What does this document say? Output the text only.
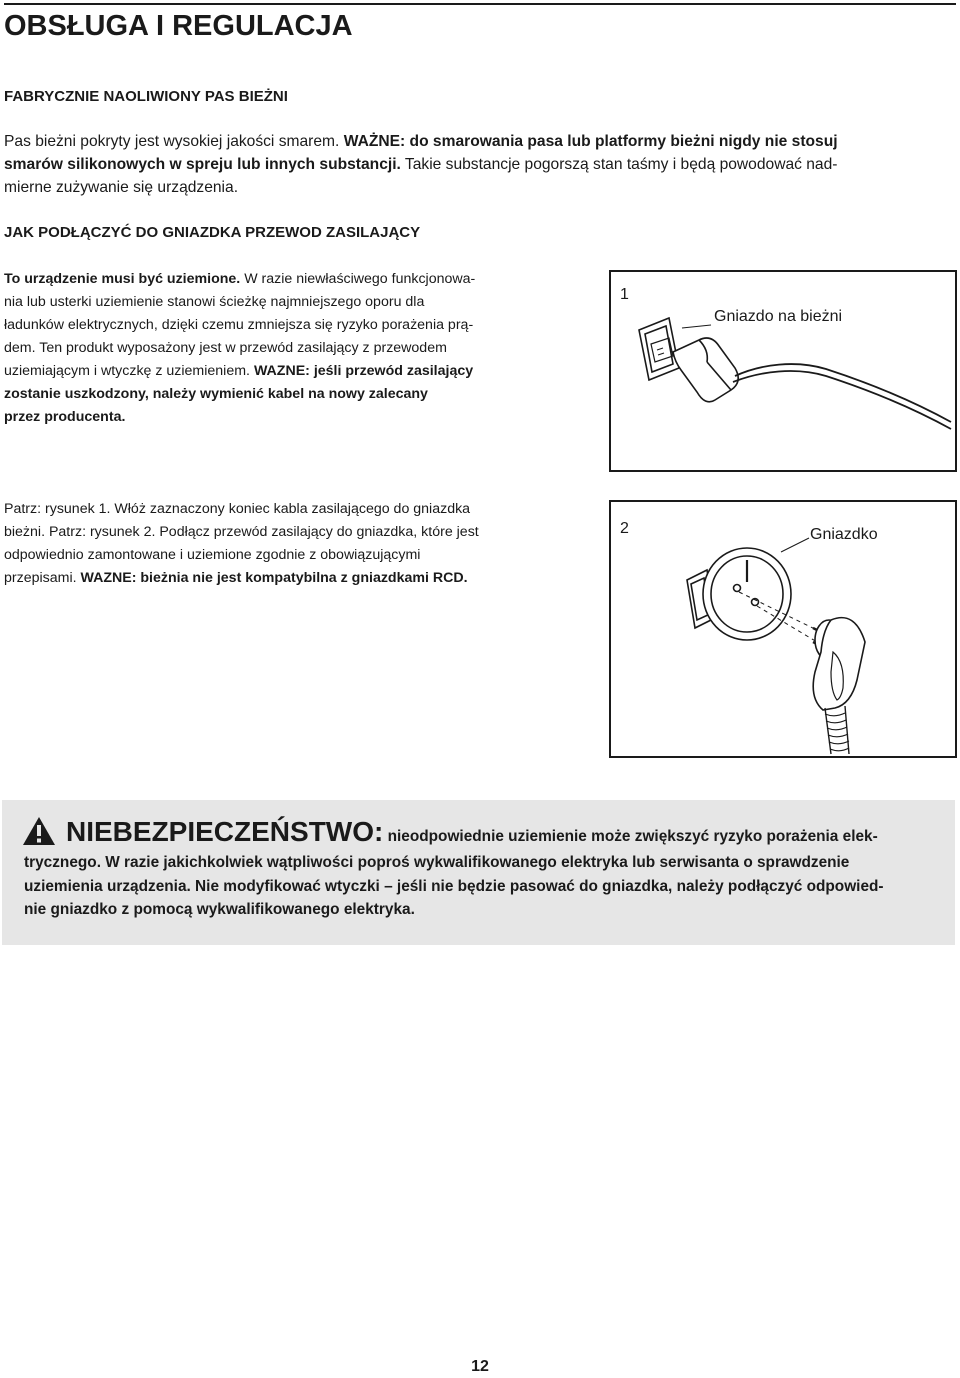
OBSŁUGA I REGULACJA
FABRYCZNIE NAOLIWIONY PAS BIEŻNI
Pas bieżni pokryty jest wysokiej jakości smarem. WAŻNE: do smarowania pasa lub platformy bieżni nigdy nie stosuj
smarów silikonowych w spreju lub innych substancji. Takie substancje pogorszą stan taśmy i będą powodować nad-
mierne zużywanie się urządzenia.
JAK PODŁĄCZYĆ DO GNIAZDKA PRZEWOD ZASILAJĄCY
To urządzenie musi być uziemione. W razie niewłaściwego funkcjonowa-
nia lub usterki uziemienie stanowi ścieżkę najmniejszego oporu dla
ładunków elektrycznych, dzięki czemu zmniejsza się ryzyko porażenia prą-
dem. Ten produkt wyposażony jest w przewód zasilający z przewodem
uziemiającym i wtyczkę z uziemieniem. WAZNE: jeśli przewód zasilający
zostanie uszkodzony, należy wymienić kabel na nowy zalecany
przez producenta.
1
Gniazdo na bieżni
Patrz: rysunek 1. Włóż zaznaczony koniec kabla zasilającego do gniazdka
bieżni. Patrz: rysunek 2. Podłącz przewód zasilający do gniazdka, które jest
odpowiednio zamontowane i uziemione zgodnie z obowiązującymi
przepisami. WAZNE: bieżnia nie jest kompatybilna z gniazdkami RCD.
2	Gniazdko
NIEBEZPIECZEŃSTWO: nieodpowiednie uziemienie może zwiększyć ryzyko porażenia elek-
trycznego. W razie jakichkolwiek wątpliwości poproś wykwalifikowanego elektryka lub serwisanta o sprawdzenie
uziemienia urządzenia. Nie modyfikować wtyczki – jeśli nie będzie pasować do gniazdka, należy podłączyć odpowied-
nie gniazdko z pomocą wykwalifikowanego elektryka.
12
